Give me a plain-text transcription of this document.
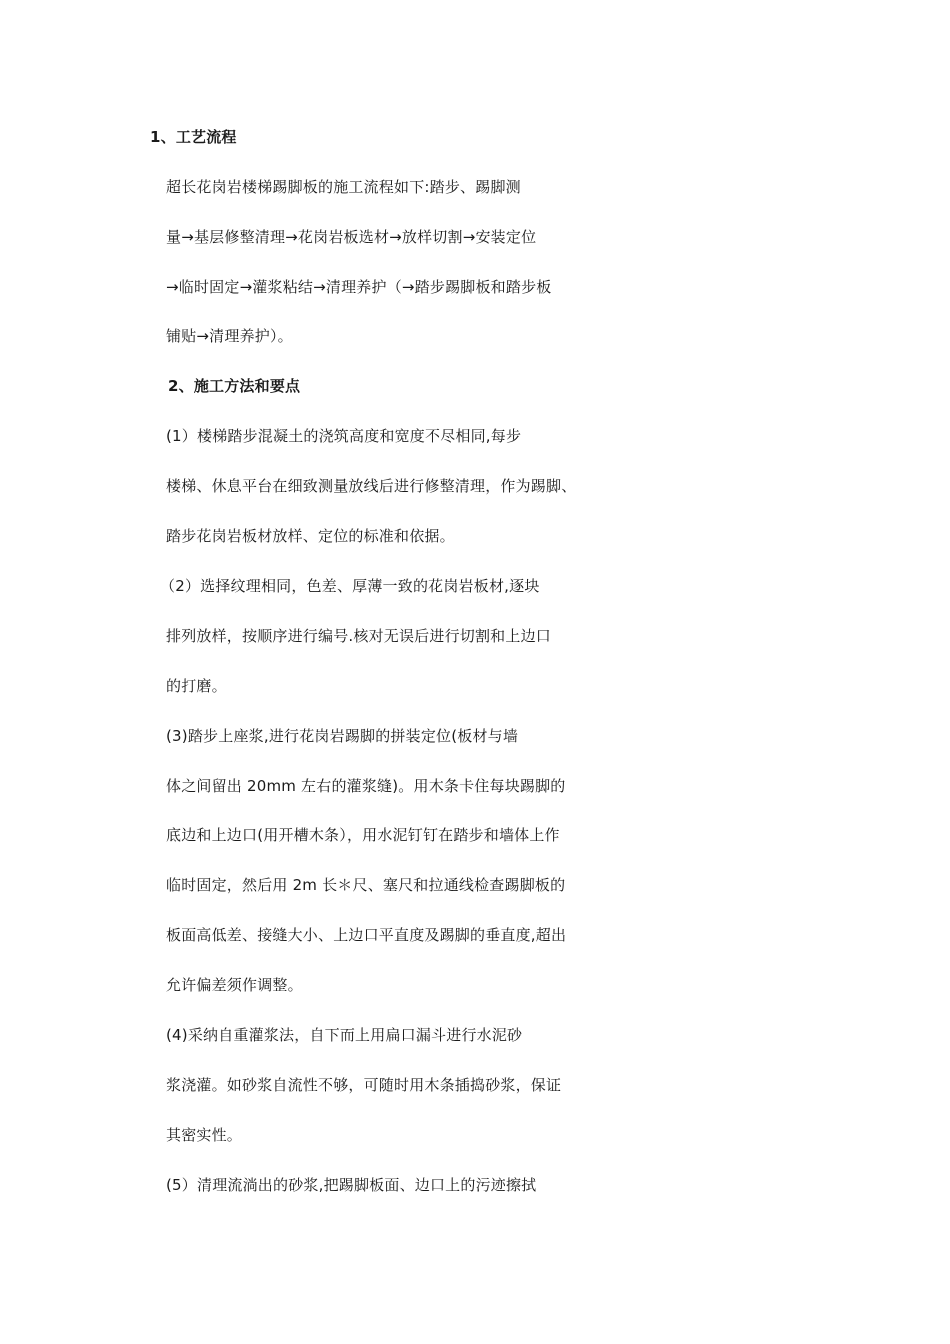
1、工艺流程
超长花岗岩楼梯踢脚板的施工流程如下:踏步、踢脚测
量→基层修整清理→花岗岩板选材→放样切割→安装定位
→临时固定→灌浆粘结→清理养护（→踏步踢脚板和踏步板
铺贴→清理养护）。
2、施工方法和要点
(1）楼梯踏步混凝土的浇筑高度和宽度不尽相同,每步
楼梯、休息平台在细致测量放线后进行修整清理，作为踢脚、
踏步花岗岩板材放样、定位的标准和依据。
（2）选择纹理相同，色差、厚薄一致的花岗岩板材,逐块
排列放样，按顺序进行编号.核对无误后进行切割和上边口
的打磨。
(3)踏步上座浆,进行花岗岩踢脚的拼装定位(板材与墙
体之间留出 20mm 左右的灌浆缝)。用木条卡住每块踢脚的
底边和上边口(用开槽木条），用水泥钉钉在踏步和墙体上作
临时固定，然后用 2m 长＊尺、塞尺和拉通线检查踢脚板的
板面高低差、接缝大小、上边口平直度及踢脚的垂直度,超出
允许偏差须作调整。
(4)采纳自重灌浆法，自下而上用扁口漏斗进行水泥砂
浆浇灌。如砂浆自流性不够，可随时用木条插捣砂浆，保证
其密实性。
(5）清理流淌出的砂浆,把踢脚板面、边口上的污迹擦拭
